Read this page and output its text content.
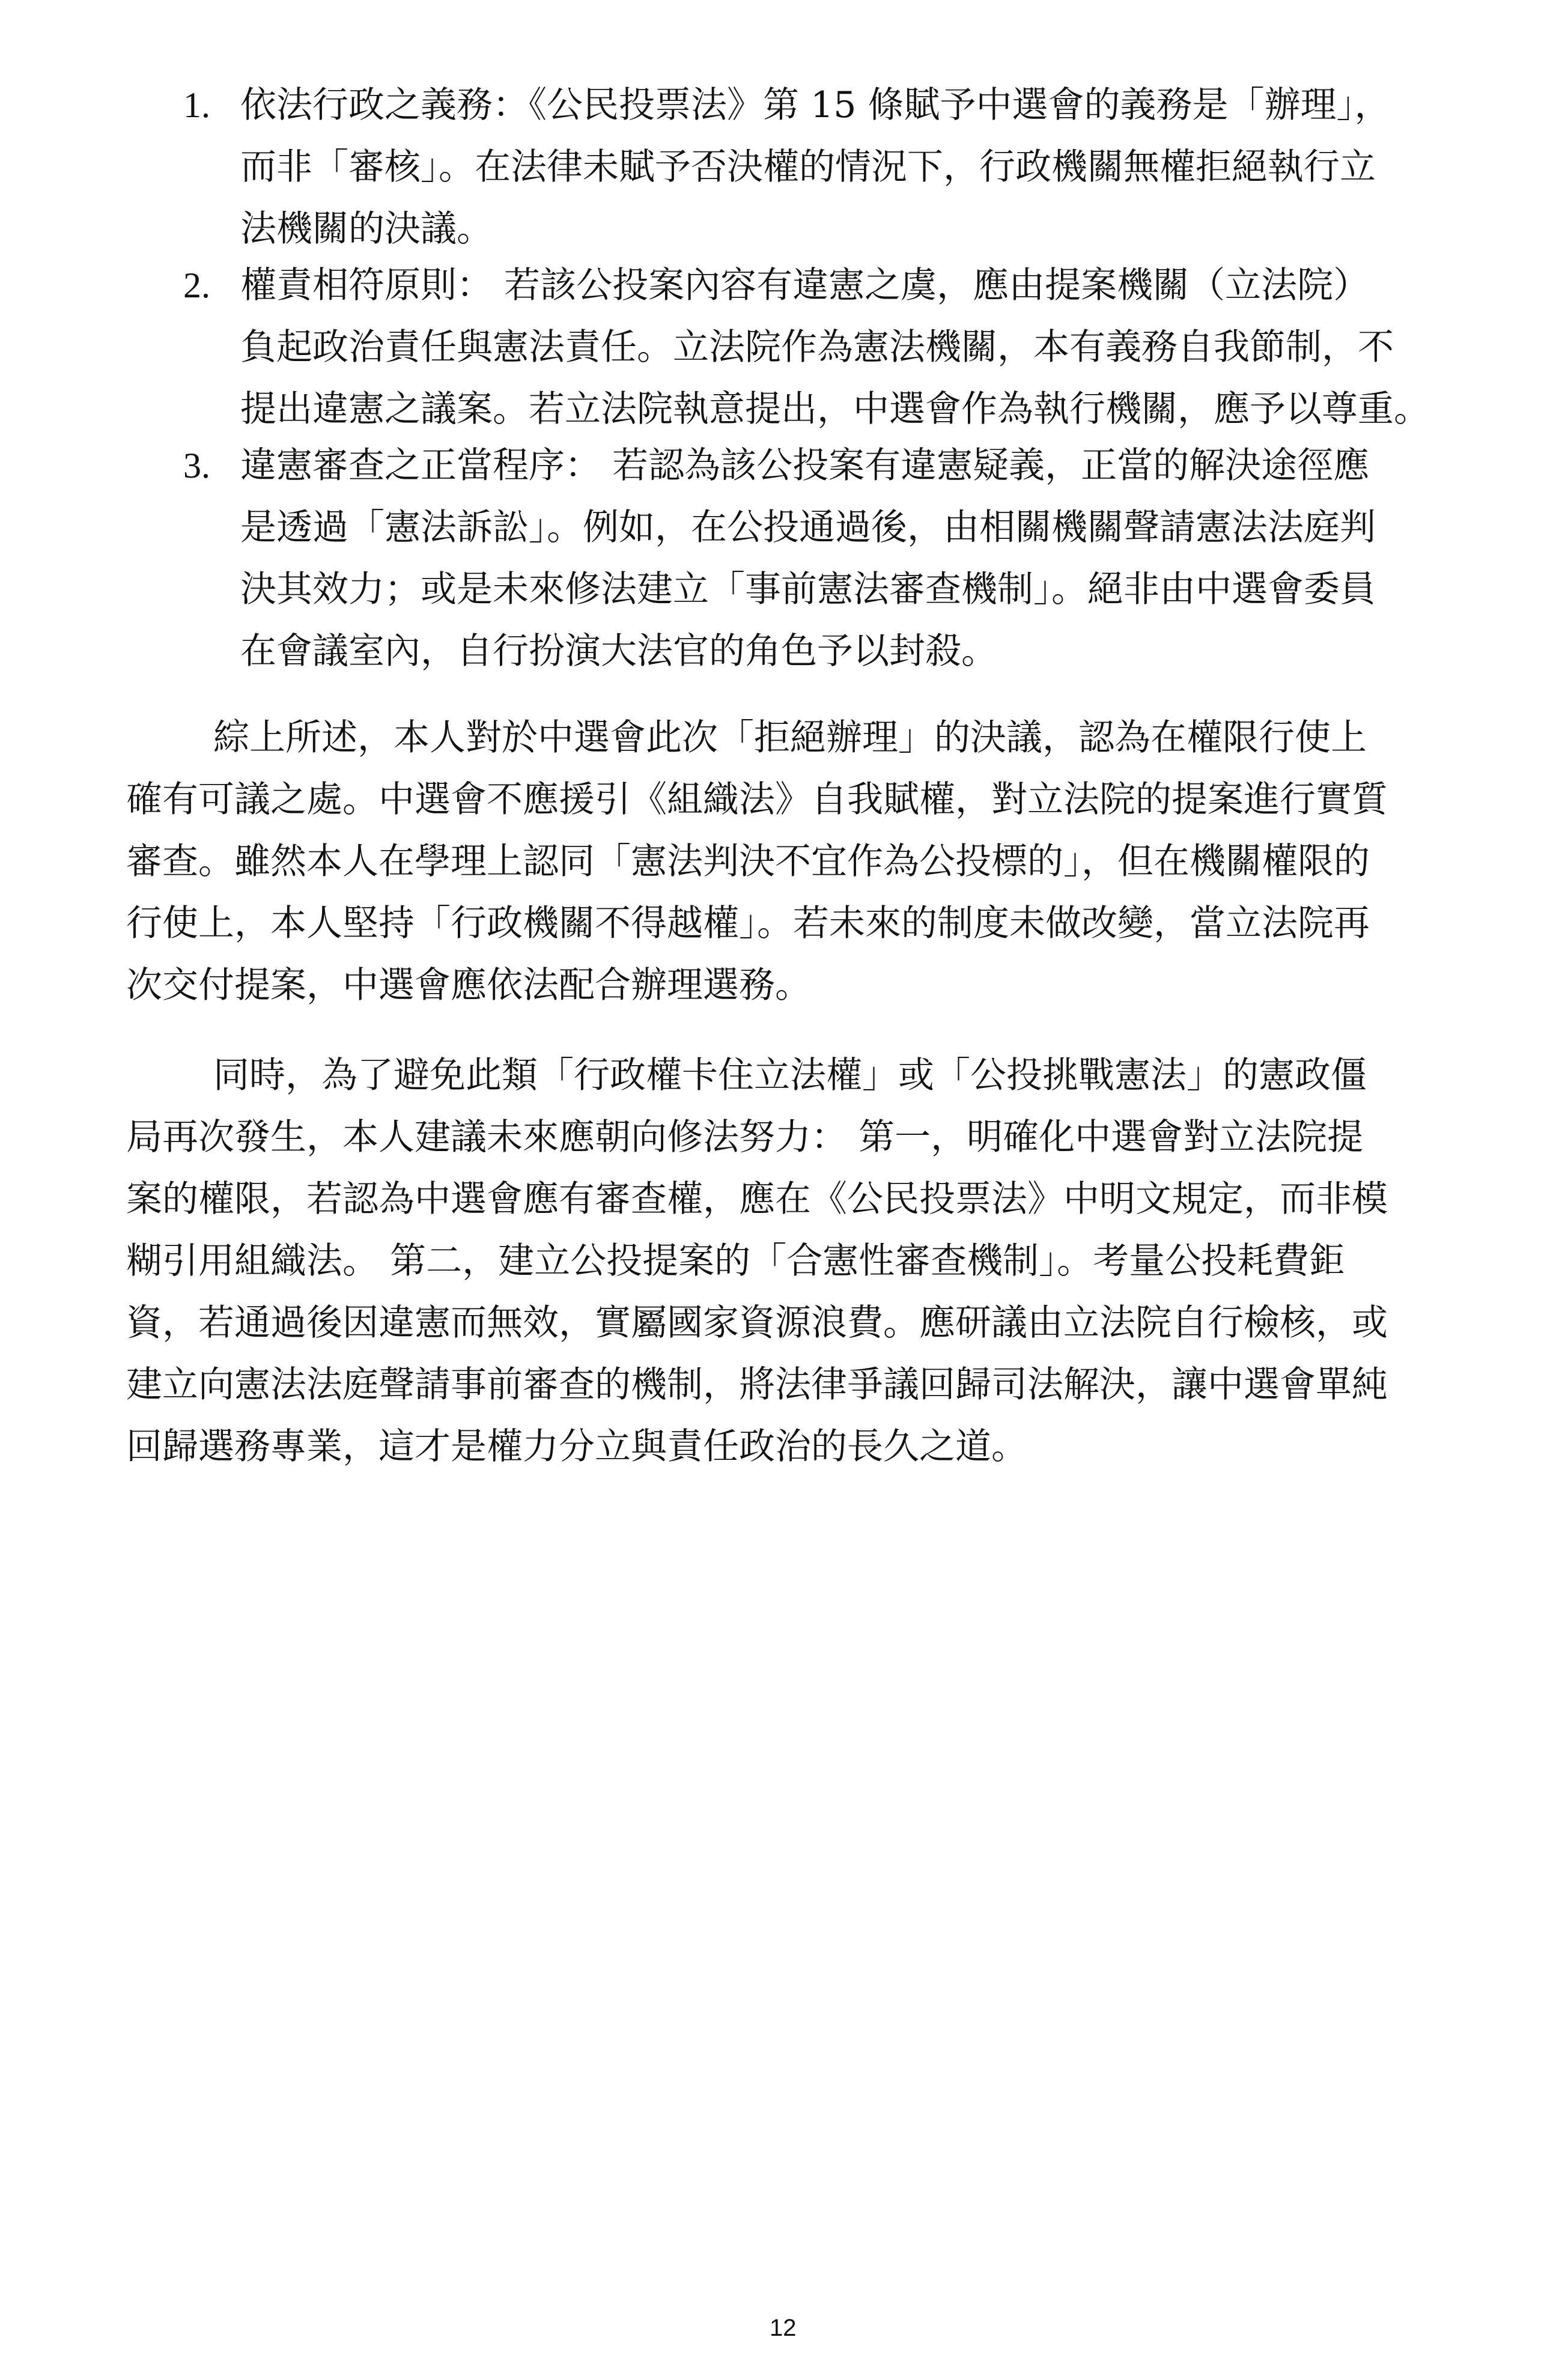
1. 依法行政之義務：《公民投票法》第 15 條賦予中選會的義務是「辦理」，
而非「審核」。在法律未賦予否決權的情況下，行政機關無權拒絕執行立
法機關的決議。
2. 權責相符原則： 若該公投案內容有違憲之虞，應由提案機關（立法院）
負起政治責任與憲法責任。立法院作為憲法機關，本有義務自我節制，不
提出違憲之議案。若立法院執意提出，中選會作為執行機關，應予以尊重。
3. 違憲審查之正當程序： 若認為該公投案有違憲疑義，正當的解決途徑應
是透過「憲法訴訟」。例如，在公投通過後，由相關機關聲請憲法法庭判
決其效力；或是未來修法建立「事前憲法審查機制」。絕非由中選會委員
在會議室內，自行扮演大法官的角色予以封殺。
綜上所述，本人對於中選會此次「拒絕辦理」的決議，認為在權限行使上
確有可議之處。中選會不應援引《組織法》自我賦權，對立法院的提案進行實質
審查。雖然本人在學理上認同「憲法判決不宜作為公投標的」，但在機關權限的
行使上，本人堅持「行政機關不得越權」。若未來的制度未做改變，當立法院再
次交付提案，中選會應依法配合辦理選務。
同時，為了避免此類「行政權卡住立法權」或「公投挑戰憲法」的憲政僵
局再次發生，本人建議未來應朝向修法努力： 第一，明確化中選會對立法院提
案的權限，若認為中選會應有審查權，應在《公民投票法》中明文規定，而非模
糊引用組織法。 第二，建立公投提案的「合憲性審查機制」。考量公投耗費鉅
資，若通過後因違憲而無效，實屬國家資源浪費。應研議由立法院自行檢核，或
建立向憲法法庭聲請事前審查的機制，將法律爭議回歸司法解決，讓中選會單純
回歸選務專業，這才是權力分立與責任政治的長久之道。
12
